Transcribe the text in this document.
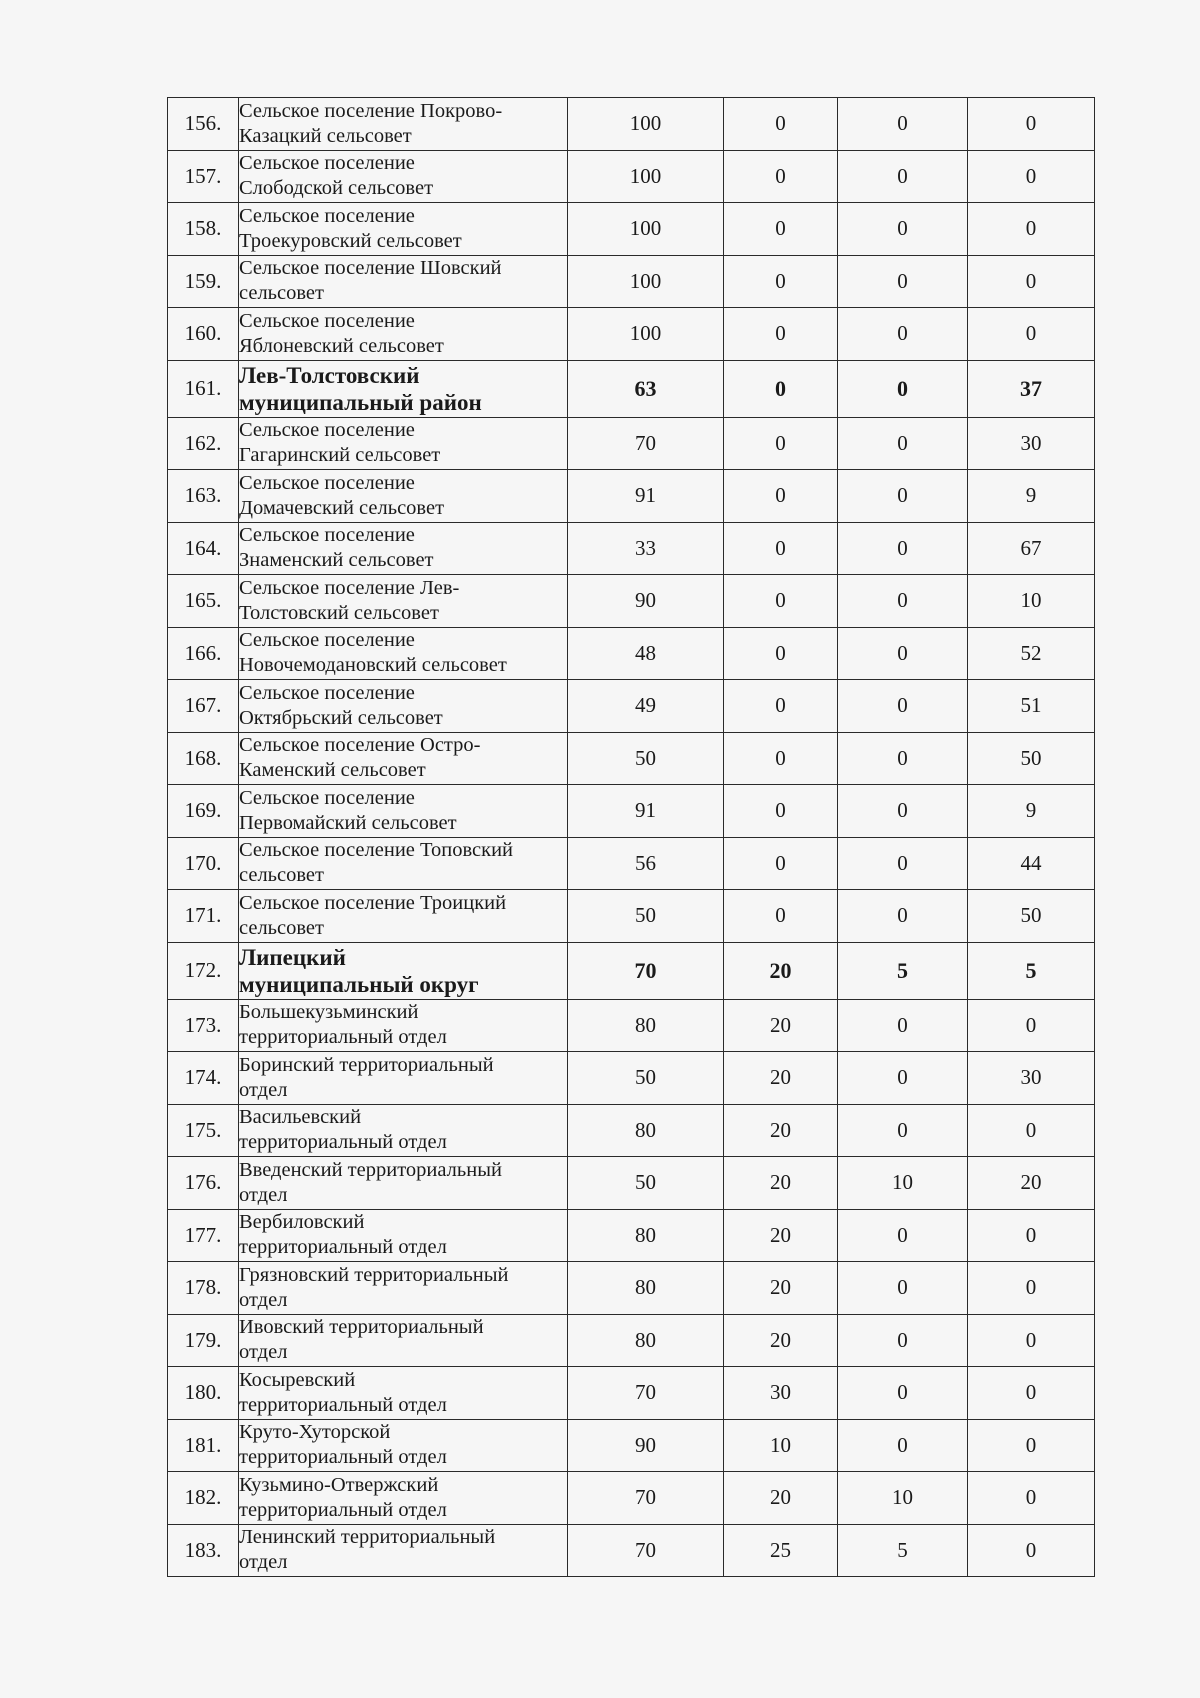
156.	Сельское поселение Покрово-
Казацкий сельсовет	100	0	0	0
157.	Сельское поселение
Слободской сельсовет	100	0	0	0
158.	Сельское поселение
Троекуровский сельсовет	100	0	0	0
159.	Сельское поселение Шовский
сельсовет	100	0	0	0
160.	Сельское поселение
Яблоневский сельсовет	100	0	0	0
161.	Лев-Толстовский
муниципальный район	63	0	0	37
162.	Сельское поселение
Гагаринский сельсовет	70	0	0	30
163.	Сельское поселение
Домачевский сельсовет	91	0	0	9
164.	Сельское поселение
Знаменский сельсовет	33	0	0	67
165.	Сельское поселение Лев-
Толстовский сельсовет	90	0	0	10
166.	Сельское поселение
Новочемодановский сельсовет	48	0	0	52
167.	Сельское поселение
Октябрьский сельсовет	49	0	0	51
168.	Сельское поселение Остро-
Каменский сельсовет	50	0	0	50
169.	Сельское поселение
Первомайский сельсовет	91	0	0	9
170.	Сельское поселение Топовский
сельсовет	56	0	0	44
171.	Сельское поселение Троицкий
сельсовет	50	0	0	50
172.	Липецкий
муниципальный округ	70	20	5	5
173.	Большекузьминский
территориальный отдел	80	20	0	0
174.	Боринский территориальный
отдел	50	20	0	30
175.	Васильевский
территориальный отдел	80	20	0	0
176.	Введенский территориальный
отдел	50	20	10	20
177.	Вербиловский
территориальный отдел	80	20	0	0
178.	Грязновский территориальный
отдел	80	20	0	0
179.	Ивовский территориальный
отдел	80	20	0	0
180.	Косыревский
территориальный отдел	70	30	0	0
181.	Круто-Хуторской
территориальный отдел	90	10	0	0
182.	Кузьмино-Отвержский
территориальный отдел	70	20	10	0
183.	Ленинский территориальный
отдел	70	25	5	0
